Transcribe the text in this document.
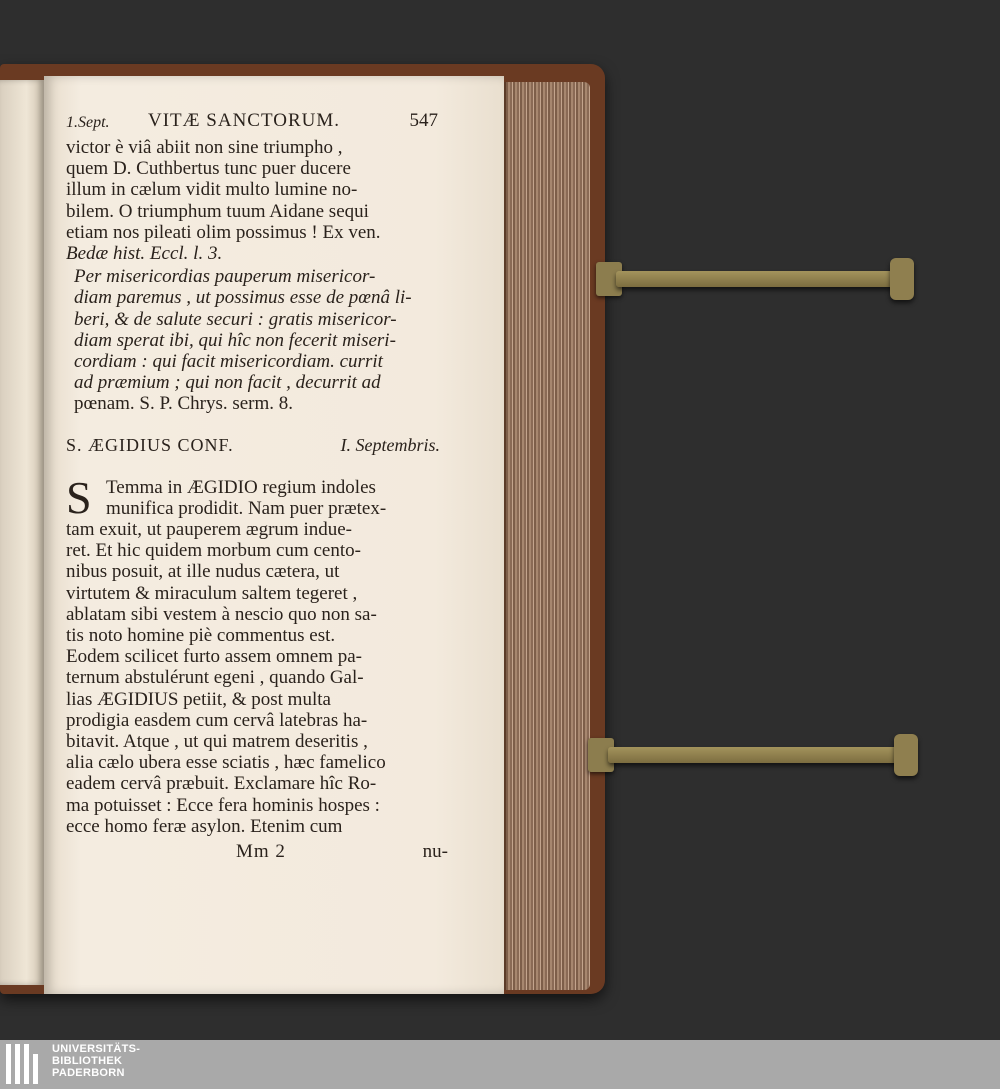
1.Sept. VITÆ SANCTORUM.	547
victor è viâ abiit non sine triumpho ,
quem D. Cuthbertus tunc puer ducere
illum in cælum vidit multo lumine no-
bilem. O triumphum tuum Aidane sequi
etiam nos pileati olim possimus ! Ex ven.
Bedæ hist. Eccl. l. 3.
Per misericordias pauperum misericor-
diam paremus , ut possimus esse de pœnâ li-
beri, & de salute securi : gratis misericor-
diam sperat ibi, qui hîc non fecerit miseri-
cordiam : qui facit misericordiam. currit
ad præmium ; qui non facit , decurrit ad
pœnam. S. P. Chrys. serm. 8.
S. ÆGIDIUS CONF.	I. Septembris.
S Temma in ÆGIDIO regium indoles
munifica prodidit. Nam puer prætex-
tam exuit, ut pauperem ægrum indue-
ret. Et hic quidem morbum cum cento-
nibus posuit, at ille nudus cætera, ut
virtutem & miraculum saltem tegeret ,
ablatam sibi vestem à nescio quo non sa-
tis noto homine piè commentus est.
Eodem scilicet furto assem omnem pa-
ternum abstulérunt egeni , quando Gal-
lias ÆGIDIUS petiit, & post multa
prodigia easdem cum cervâ latebras ha-
bitavit. Atque , ut qui matrem deseritis ,
alia cælo ubera esse sciatis , hæc famelico
eadem cervâ præbuit. Exclamare hîc Ro-
ma potuisset : Ecce fera hominis hospes :
ecce homo feræ asylon. Etenim cum
Mm 2	nu-
UNIVERSITÄTS-
BIBLIOTHEK
PADERBORN
